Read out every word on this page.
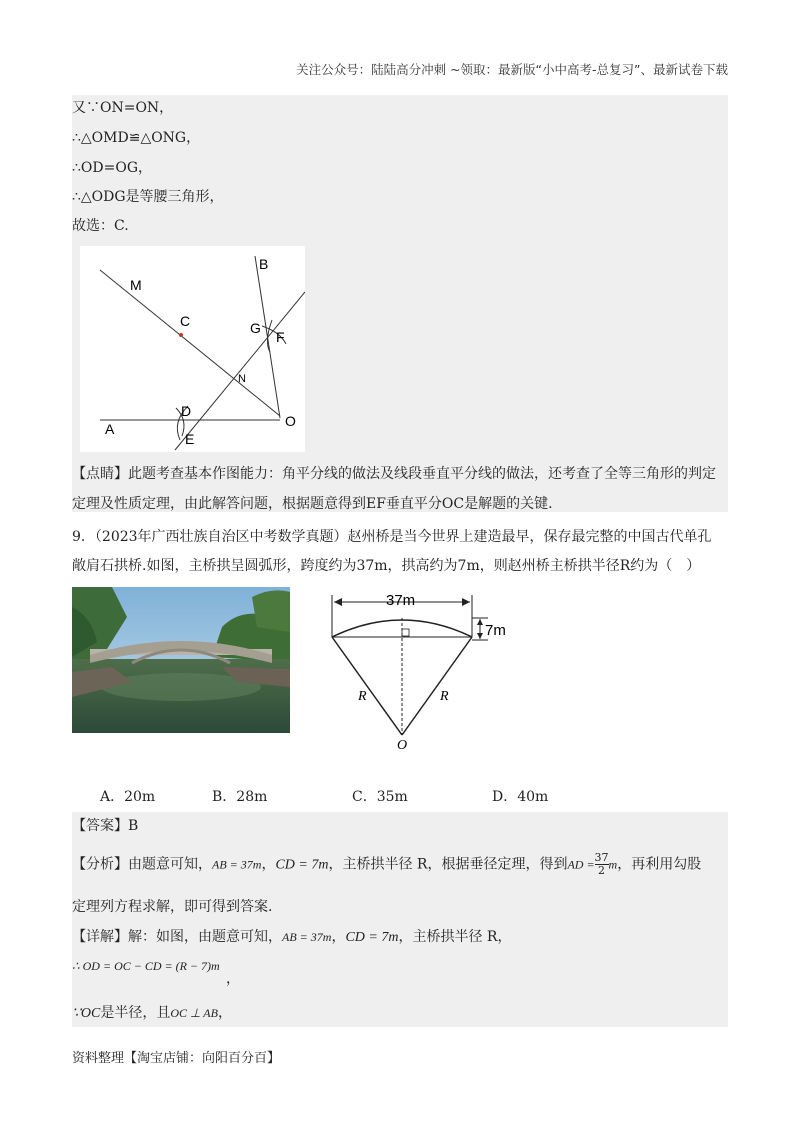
关注公众号：陆陆高分冲刺 ~领取：最新版“小中高考-总复习”、最新试卷下载
又∵ON=ON，
∴△OMD≌△ONG，
∴OD=OG，
∴△ODG是等腰三角形，
故选：C.
M
C
B
G
F
N
D
O
A
E
【点睛】此题考查基本作图能力：角平分线的做法及线段垂直平分线的做法，还考查了全等三角形的判定
定理及性质定理，由此解答问题，根据题意得到EF垂直平分OC是解题的关键.
9．（2023年广西壮族自治区中考数学真题）赵州桥是当今世界上建造最早，保存最完整的中国古代单孔
敞肩石拱桥.如图，主桥拱呈圆弧形，跨度约为37m，拱高约为7m，则赵州桥主桥拱半径R约为（　）
37m
7m
R	R
O
A．20m	B．28m	C．35m	D．40m
【答案】B
【分析】由题意可知，AB = 37m，CD = 7m，主桥拱半径 R，根据垂径定理，得到AD = $\frac{37}{2}$ m，再利用勾股
定理列方程求解，即可得到答案.
【详解】解：如图，由题意可知，AB = 37m，CD = 7m，主桥拱半径 R，
∴ OD = OC − CD = (R − 7)m
，
∵OC是半径，且OC ⊥ AB，
资料整理【淘宝店铺：向阳百分百】
